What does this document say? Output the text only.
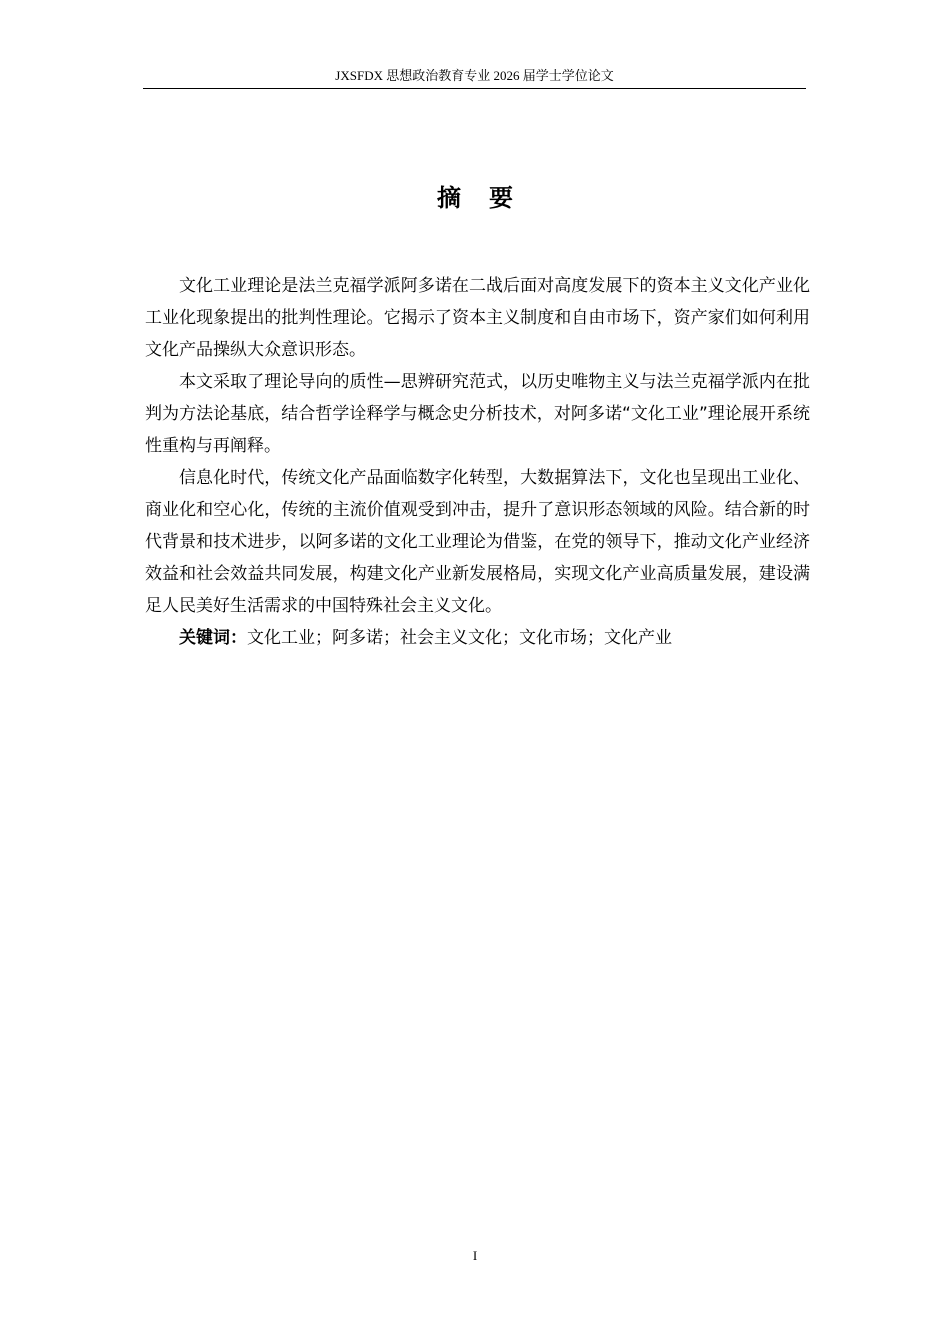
JXSFDX 思想政治教育专业 2026 届学士学位论文
摘要

文化工业理论是法兰克福学派阿多诺在二战后面对高度发展下的资本主义文化产业化工业化现象提出的批判性理论。它揭示了资本主义制度和自由市场下，资产家们如何利用文化产品操纵大众意识形态。

本文采取了理论导向的质性—思辨研究范式，以历史唯物主义与法兰克福学派内在批判为方法论基底，结合哲学诠释学与概念史分析技术，对阿多诺“文化工业”理论展开系统性重构与再阐释。

信息化时代，传统文化产品面临数字化转型，大数据算法下，文化也呈现出工业化、商业化和空心化，传统的主流价值观受到冲击，提升了意识形态领域的风险。结合新的时代背景和技术进步，以阿多诺的文化工业理论为借鉴，在党的领导下，推动文化产业经济效益和社会效益共同发展，构建文化产业新发展格局，实现文化产业高质量发展，建设满足人民美好生活需求的中国特殊社会主义文化。

关键词：文化工业；阿多诺；社会主义文化；文化市场；文化产业

I
